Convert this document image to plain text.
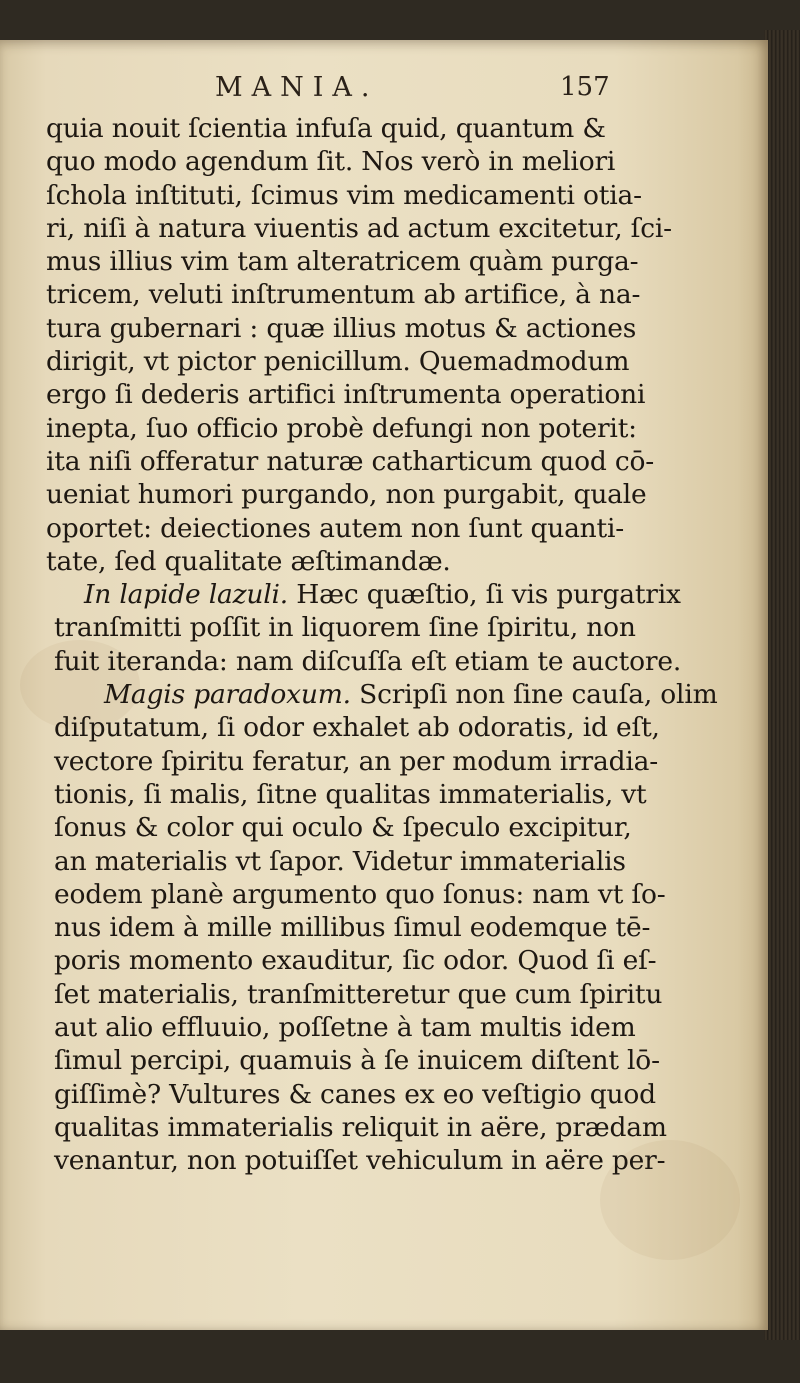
MANIA.	157
quia nouit ſcientia infuſa quid, quantum &
quo modo agendum ſit. Nos verò in meliori
ſchola inſtituti, ſcimus vim medicamenti otia-
ri, niſi à natura viuentis ad actum excitetur, ſci-
mus illius vim tam alteratricem quàm purga-
tricem, veluti inſtrumentum ab artifice, à na-
tura gubernari : quæ illius motus & actiones
dirigit, vt pictor penicillum. Quemadmodum
ergo ſi dederis artifici inſtrumenta operationi
inepta, ſuo officio probè defungi non poterit:
ita niſi offeratur naturæ catharticum quod cō-
ueniat humori purgando, non purgabit, quale
oportet: deiectiones autem non ſunt quanti-
tate, ſed qualitate æſtimandæ.
In lapide lazuli. Hæc quæſtio, ſi vis purgatrix
tranſmitti poſſit in liquorem ſine ſpiritu, non
fuit iteranda: nam diſcuſſa eſt etiam te auctore.
Magis paradoxum. Scripſi non ſine cauſa, olim
diſputatum, ſi odor exhalet ab odoratis, id eſt,
vectore ſpiritu feratur, an per modum irradia-
tionis, ſi malis, ſitne qualitas immaterialis, vt
ſonus & color qui oculo & ſpeculo excipitur,
an materialis vt ſapor. Videtur immaterialis
eodem planè argumento quo ſonus: nam vt ſo-
nus idem à mille millibus ſimul eodemque tē-
poris momento exauditur, ſic odor. Quod ſi eſ-
ſet materialis, tranſmitteretur que cum ſpiritu
aut alio effluuio, poſſetne à tam multis idem
ſimul percipi, quamuis à ſe inuicem diſtent lō-
giſſimè? Vultures & canes ex eo veſtigio quod
qualitas immaterialis reliquit in aëre, prædam
venantur, non potuiſſet vehiculum in aëre per-
